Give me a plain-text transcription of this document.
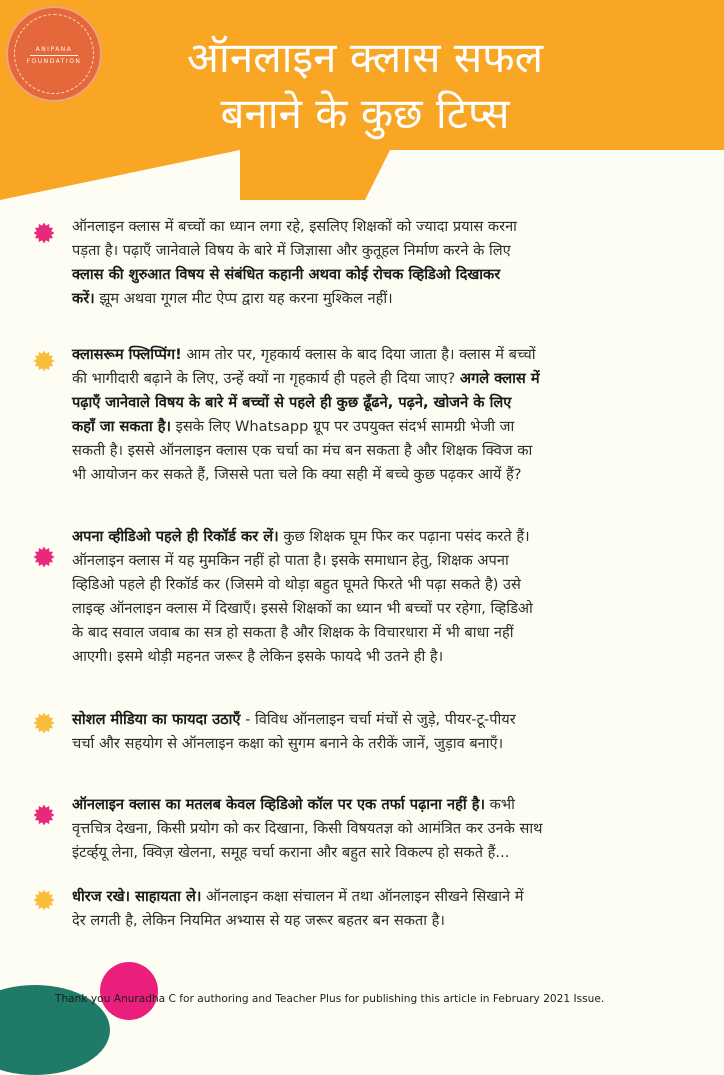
ANIPANA
FOUNDATION	ऑनलाइन क्लास सफल
बनाने के कुछ टिप्स
ऑनलाइन क्लास में बच्चों का ध्यान लगा रहे, इसलिए शिक्षकों को ज्यादा प्रयास करना
पड़ता है। पढ़ाएँ जानेवाले विषय के बारे में जिज्ञासा और कुतूहल निर्माण करने के लिए
क्लास की शुरुआत विषय से संबंधित कहानी अथवा कोई रोचक व्हिडिओ दिखाकर
करें। झूम अथवा गूगल मीट ऐप्प द्वारा यह करना मुश्किल नहीं।
क्लासरूम फ्लिप्पिंग! आम तोर पर, गृहकार्य क्लास के बाद दिया जाता है। क्लास में बच्चों
की भागीदारी बढ़ाने के लिए, उन्हें क्यों ना गृहकार्य ही पहले ही दिया जाए? अगले क्लास में
पढ़ाएँ जानेवाले विषय के बारे में बच्चों से पहले ही कुछ ढूँढने, पढ़ने, खोजने के लिए
कहाँ जा सकता है। इसके लिए Whatsapp ग्रूप पर उपयुक्त संदर्भ सामग्री भेजी जा
सकती है। इससे ऑनलाइन क्लास एक चर्चा का मंच बन सकता है और शिक्षक क्विज का
भी आयोजन कर सकते हैं, जिससे पता चले कि क्या सही में बच्चे कुछ पढ़कर आयें हैं?
अपना व्हीडिओ पहले ही रिकॉर्ड कर लें। कुछ शिक्षक घूम फिर कर पढ़ाना पसंद करते हैं।
ऑनलाइन क्लास में यह मुमकिन नहीं हो पाता है। इसके समाधान हेतु, शिक्षक अपना
व्हिडिओ पहले ही रिकॉर्ड कर (जिसमे वो थोड़ा बहुत घूमते फिरते भी पढ़ा सकते है) उसे
लाइव्ह ऑनलाइन क्लास में दिखाएँ। इससे शिक्षकों का ध्यान भी बच्चों पर रहेगा, व्हिडिओ
के बाद सवाल जवाब का सत्र हो सकता है और शिक्षक के विचारधारा में भी बाधा नहीं
आएगी। इसमे थोड़ी महनत जरूर है लेकिन इसके फायदे भी उतने ही है।
सोशल मीडिया का फायदा उठाएँ - विविध ऑनलाइन चर्चा मंचों से जुड़े, पीयर-टू-पीयर
चर्चा और सहयोग से ऑनलाइन कक्षा को सुगम बनाने के तरीकें जानें, जुड़ाव बनाएँ।
ऑनलाइन क्लास का मतलब केवल व्हिडिओ कॉल पर एक तर्फा पढ़ाना नहीं है। कभी
वृत्तचित्र देखना, किसी प्रयोग को कर दिखाना, किसी विषयतज्ञ को आमंत्रित कर उनके साथ
इंटर्व्हयू लेना, क्विज़ खेलना, समूह चर्चा कराना और बहुत सारे विकल्प हो सकते हैं...
धीरज रखे। साहायता ले। ऑनलाइन कक्षा संचालन में तथा ऑनलाइन सीखने सिखाने में
देर लगती है, लेकिन नियमित अभ्यास से यह जरूर बहतर बन सकता है।
Thank you Anuradha C for authoring and Teacher Plus for publishing this article in February 2021 Issue.
